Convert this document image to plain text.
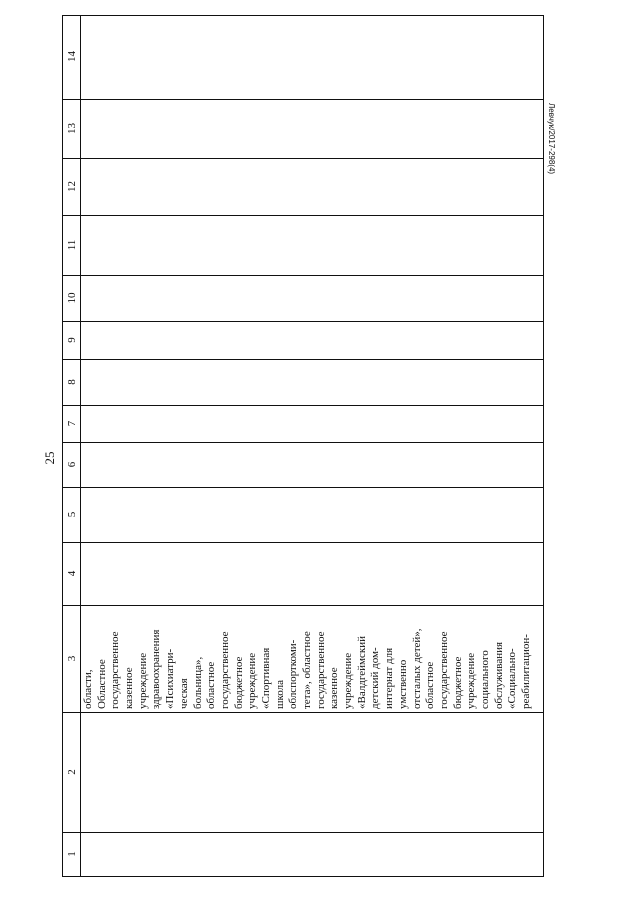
25
Левчук/2017-298(4)
1
2
3
4
5
6
7
8
9
10
11
12
13
14
области, Областное государственное казенное учреждение здравоохранения «Психиатри- ческая больница», областное государственное бюджетное учреждение «Спортивная школа облспорткоми- тета», областное государственное казенное учреждение «Валдгеймский детский дом- интернат для умственно отсталых детей», областное государственное бюджетное учреждение социального обслуживания «Социально- реабилитацион-
